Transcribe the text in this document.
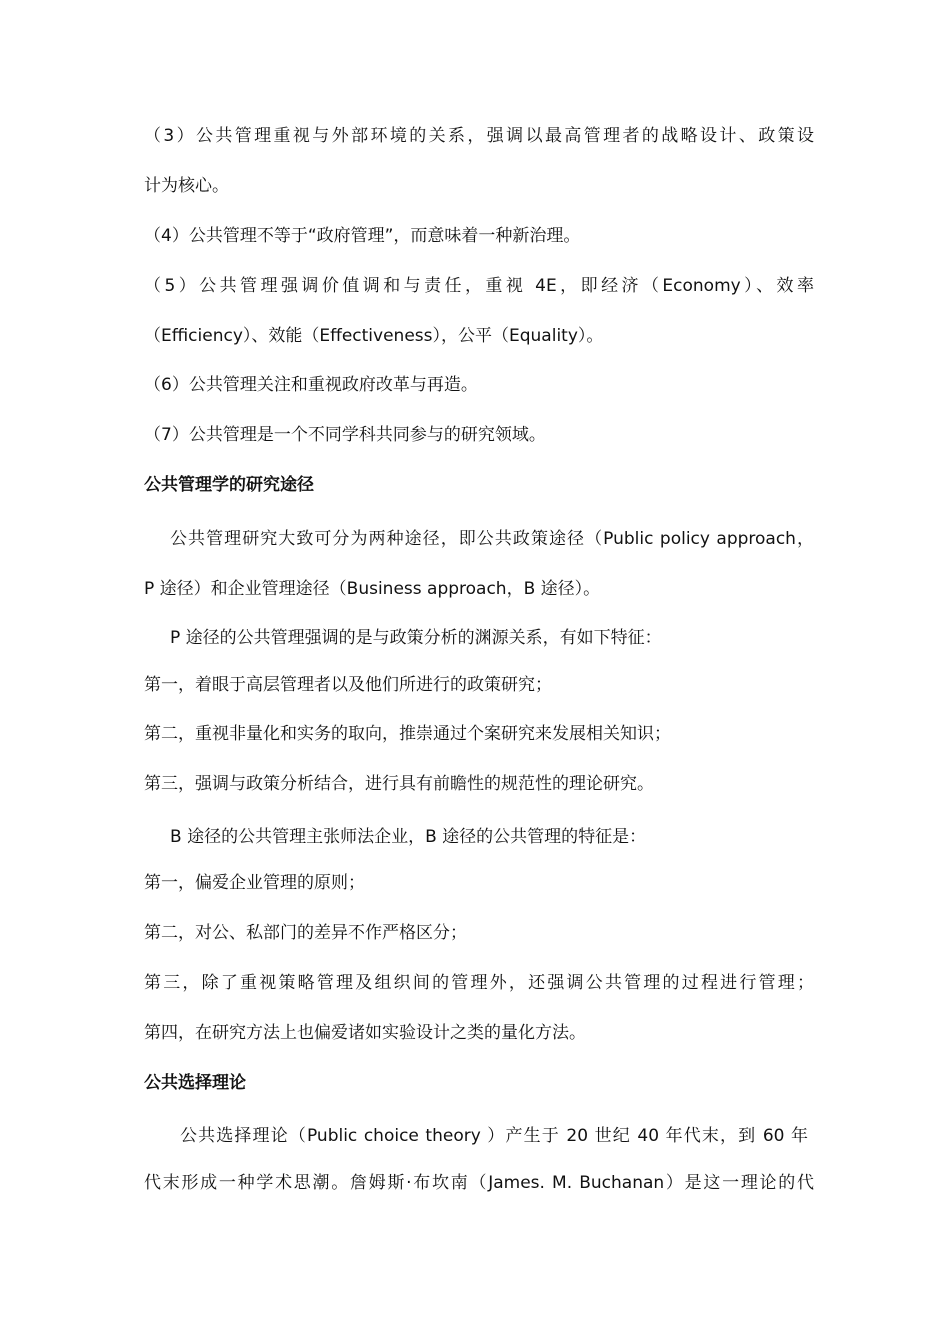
（3）公共管理重视与外部环境的关系，强调以最高管理者的战略设计、政策设
计为核心。
（4）公共管理不等于“政府管理”，而意味着一种新治理。
（5）公共管理强调价值调和与责任，重视 4E，即经济（Economy）、效率
（Efficiency）、效能（Effectiveness），公平（Equality）。
（6）公共管理关注和重视政府改革与再造。
（7）公共管理是一个不同学科共同参与的研究领域。
公共管理学的研究途径
公共管理研究大致可分为两种途径，即公共政策途径（Public policy approach，
P 途径）和企业管理途径（Business approach，B 途径）。
P 途径的公共管理强调的是与政策分析的渊源关系，有如下特征：
第一，着眼于高层管理者以及他们所进行的政策研究；
第二，重视非量化和实务的取向，推崇通过个案研究来发展相关知识；
第三，强调与政策分析结合，进行具有前瞻性的规范性的理论研究。
B 途径的公共管理主张师法企业，B 途径的公共管理的特征是：
第一，偏爱企业管理的原则；
第二，对公、私部门的差异不作严格区分；
第三，除了重视策略管理及组织间的管理外，还强调公共管理的过程进行管理；
第四，在研究方法上也偏爱诸如实验设计之类的量化方法。
公共选择理论
公共选择理论（Public choice theory ）产生于 20 世纪 40 年代末，到 60 年
代末形成一种学术思潮。詹姆斯·布坎南（James. M. Buchanan）是这一理论的代
